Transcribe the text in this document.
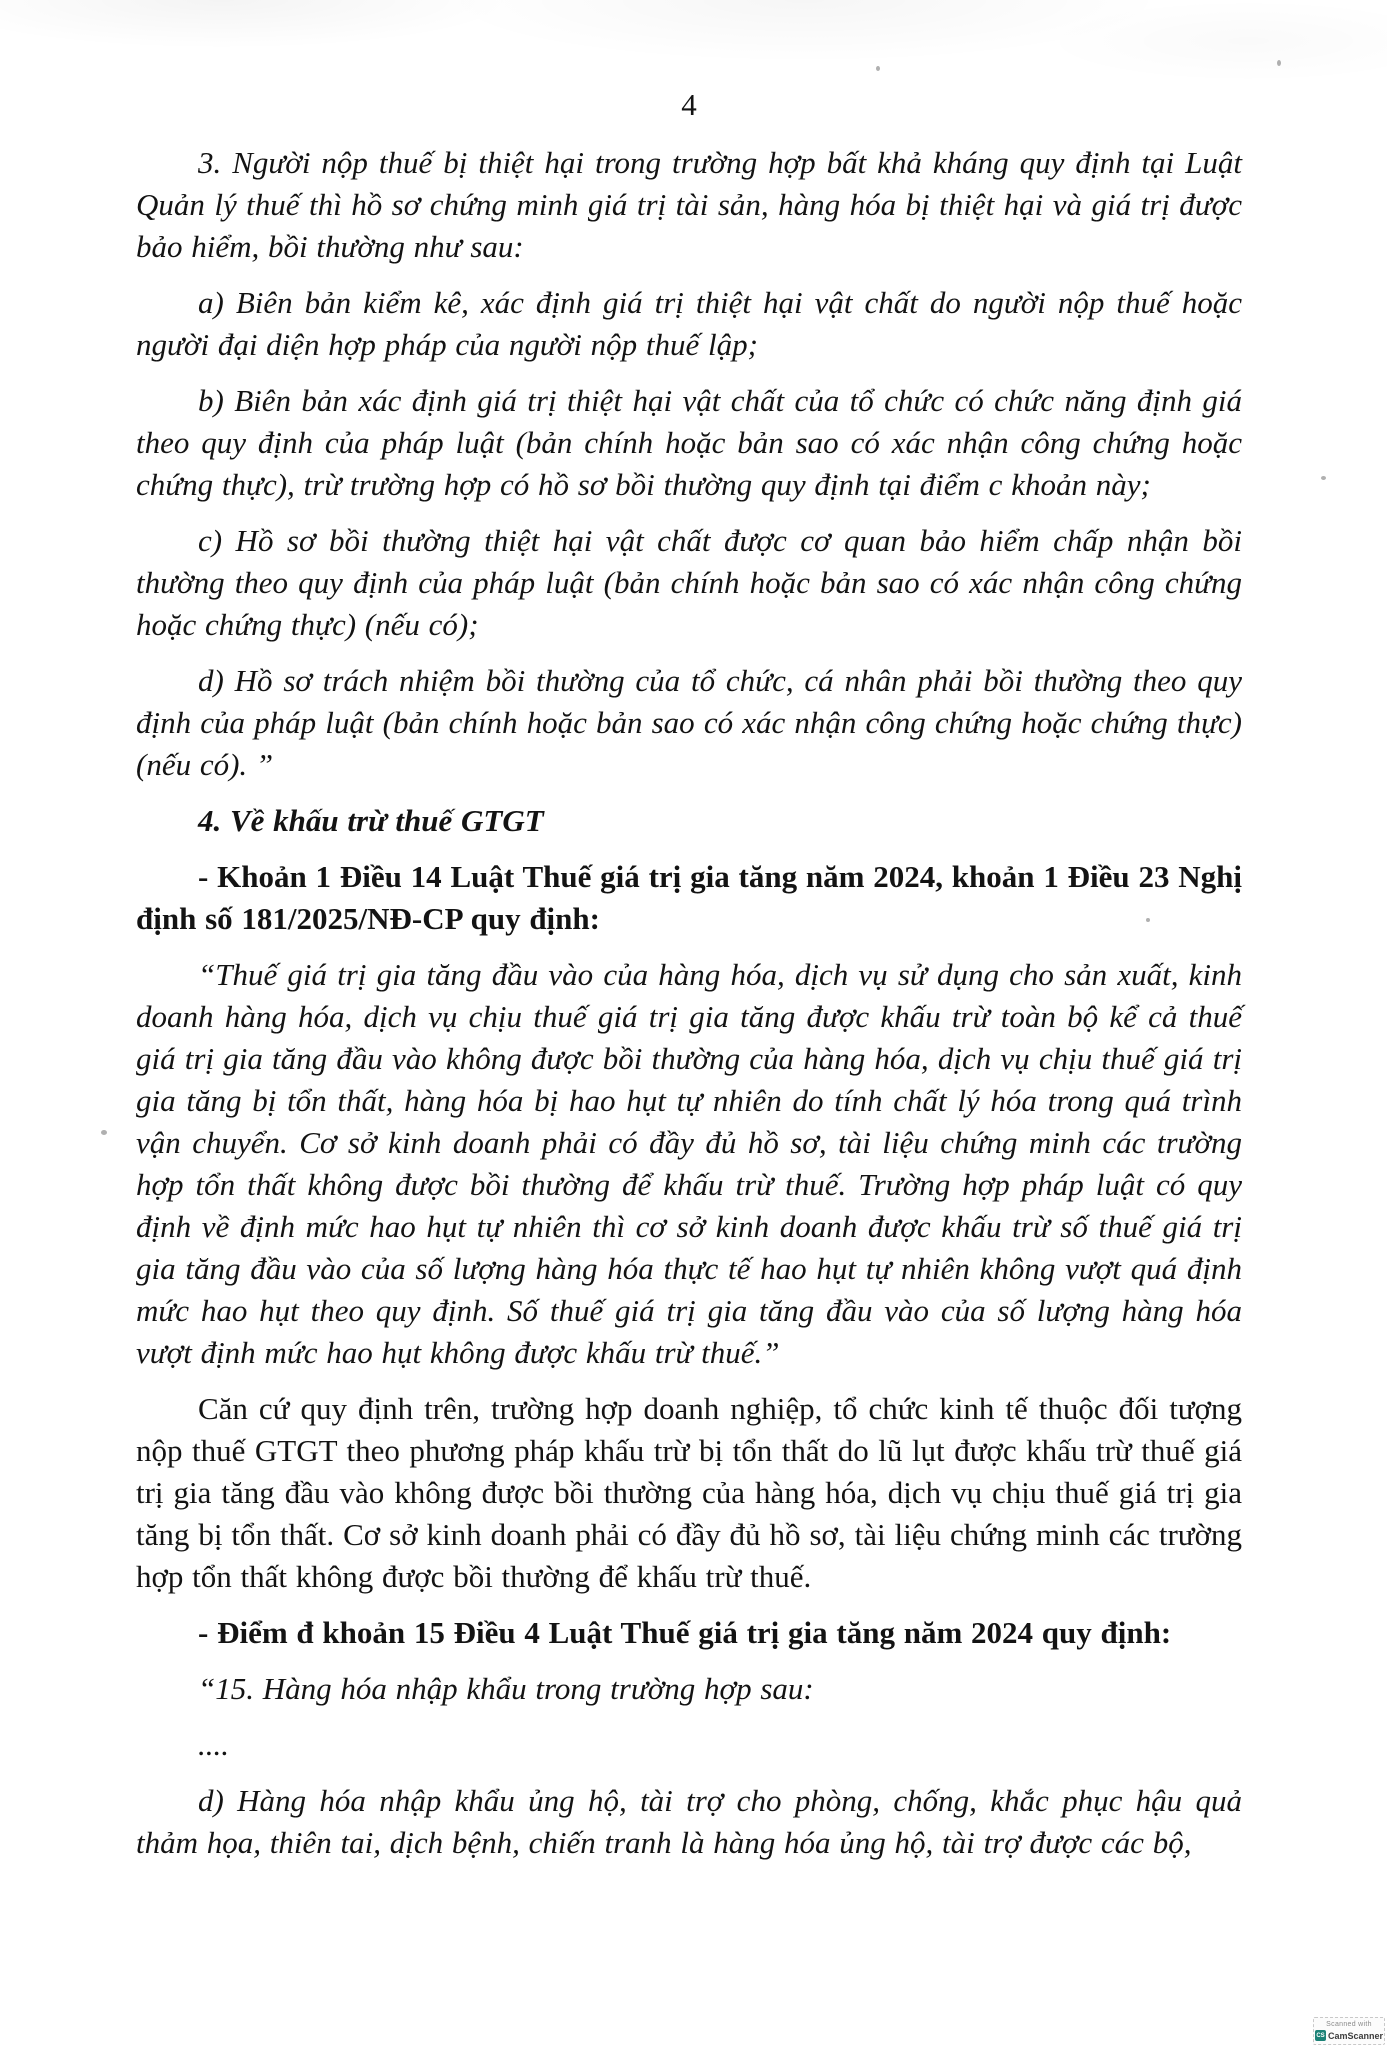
4

3. Người nộp thuế bị thiệt hại trong trường hợp bất khả kháng quy định tại Luật Quản lý thuế thì hồ sơ chứng minh giá trị tài sản, hàng hóa bị thiệt hại và giá trị được bảo hiểm, bồi thường như sau:

a) Biên bản kiểm kê, xác định giá trị thiệt hại vật chất do người nộp thuế hoặc người đại diện hợp pháp của người nộp thuế lập;

b) Biên bản xác định giá trị thiệt hại vật chất của tổ chức có chức năng định giá theo quy định của pháp luật (bản chính hoặc bản sao có xác nhận công chứng hoặc chứng thực), trừ trường hợp có hồ sơ bồi thường quy định tại điểm c khoản này;

c) Hồ sơ bồi thường thiệt hại vật chất được cơ quan bảo hiểm chấp nhận bồi thường theo quy định của pháp luật (bản chính hoặc bản sao có xác nhận công chứng hoặc chứng thực) (nếu có);

d) Hồ sơ trách nhiệm bồi thường của tổ chức, cá nhân phải bồi thường theo quy định của pháp luật (bản chính hoặc bản sao có xác nhận công chứng hoặc chứng thực) (nếu có). ”

4. Về khấu trừ thuế GTGT

- Khoản 1 Điều 14 Luật Thuế giá trị gia tăng năm 2024, khoản 1 Điều 23 Nghị định số 181/2025/NĐ-CP quy định:

“Thuế giá trị gia tăng đầu vào của hàng hóa, dịch vụ sử dụng cho sản xuất, kinh doanh hàng hóa, dịch vụ chịu thuế giá trị gia tăng được khấu trừ toàn bộ kể cả thuế giá trị gia tăng đầu vào không được bồi thường của hàng hóa, dịch vụ chịu thuế giá trị gia tăng bị tổn thất, hàng hóa bị hao hụt tự nhiên do tính chất lý hóa trong quá trình vận chuyển. Cơ sở kinh doanh phải có đầy đủ hồ sơ, tài liệu chứng minh các trường hợp tổn thất không được bồi thường để khấu trừ thuế. Trường hợp pháp luật có quy định về định mức hao hụt tự nhiên thì cơ sở kinh doanh được khấu trừ số thuế giá trị gia tăng đầu vào của số lượng hàng hóa thực tế hao hụt tự nhiên không vượt quá định mức hao hụt theo quy định. Số thuế giá trị gia tăng đầu vào của số lượng hàng hóa vượt định mức hao hụt không được khấu trừ thuế.”

Căn cứ quy định trên, trường hợp doanh nghiệp, tổ chức kinh tế thuộc đối tượng nộp thuế GTGT theo phương pháp khấu trừ bị tổn thất do lũ lụt được khấu trừ thuế giá trị gia tăng đầu vào không được bồi thường của hàng hóa, dịch vụ chịu thuế giá trị gia tăng bị tổn thất. Cơ sở kinh doanh phải có đầy đủ hồ sơ, tài liệu chứng minh các trường hợp tổn thất không được bồi thường để khấu trừ thuế.

- Điểm đ khoản 15 Điều 4 Luật Thuế giá trị gia tăng năm 2024 quy định:

“15. Hàng hóa nhập khẩu trong trường hợp sau:

....

d) Hàng hóa nhập khẩu ủng hộ, tài trợ cho phòng, chống, khắc phục hậu quả thảm họa, thiên tai, dịch bệnh, chiến tranh là hàng hóa ủng hộ, tài trợ được các bộ,

Scanned with
CS CamScanner
